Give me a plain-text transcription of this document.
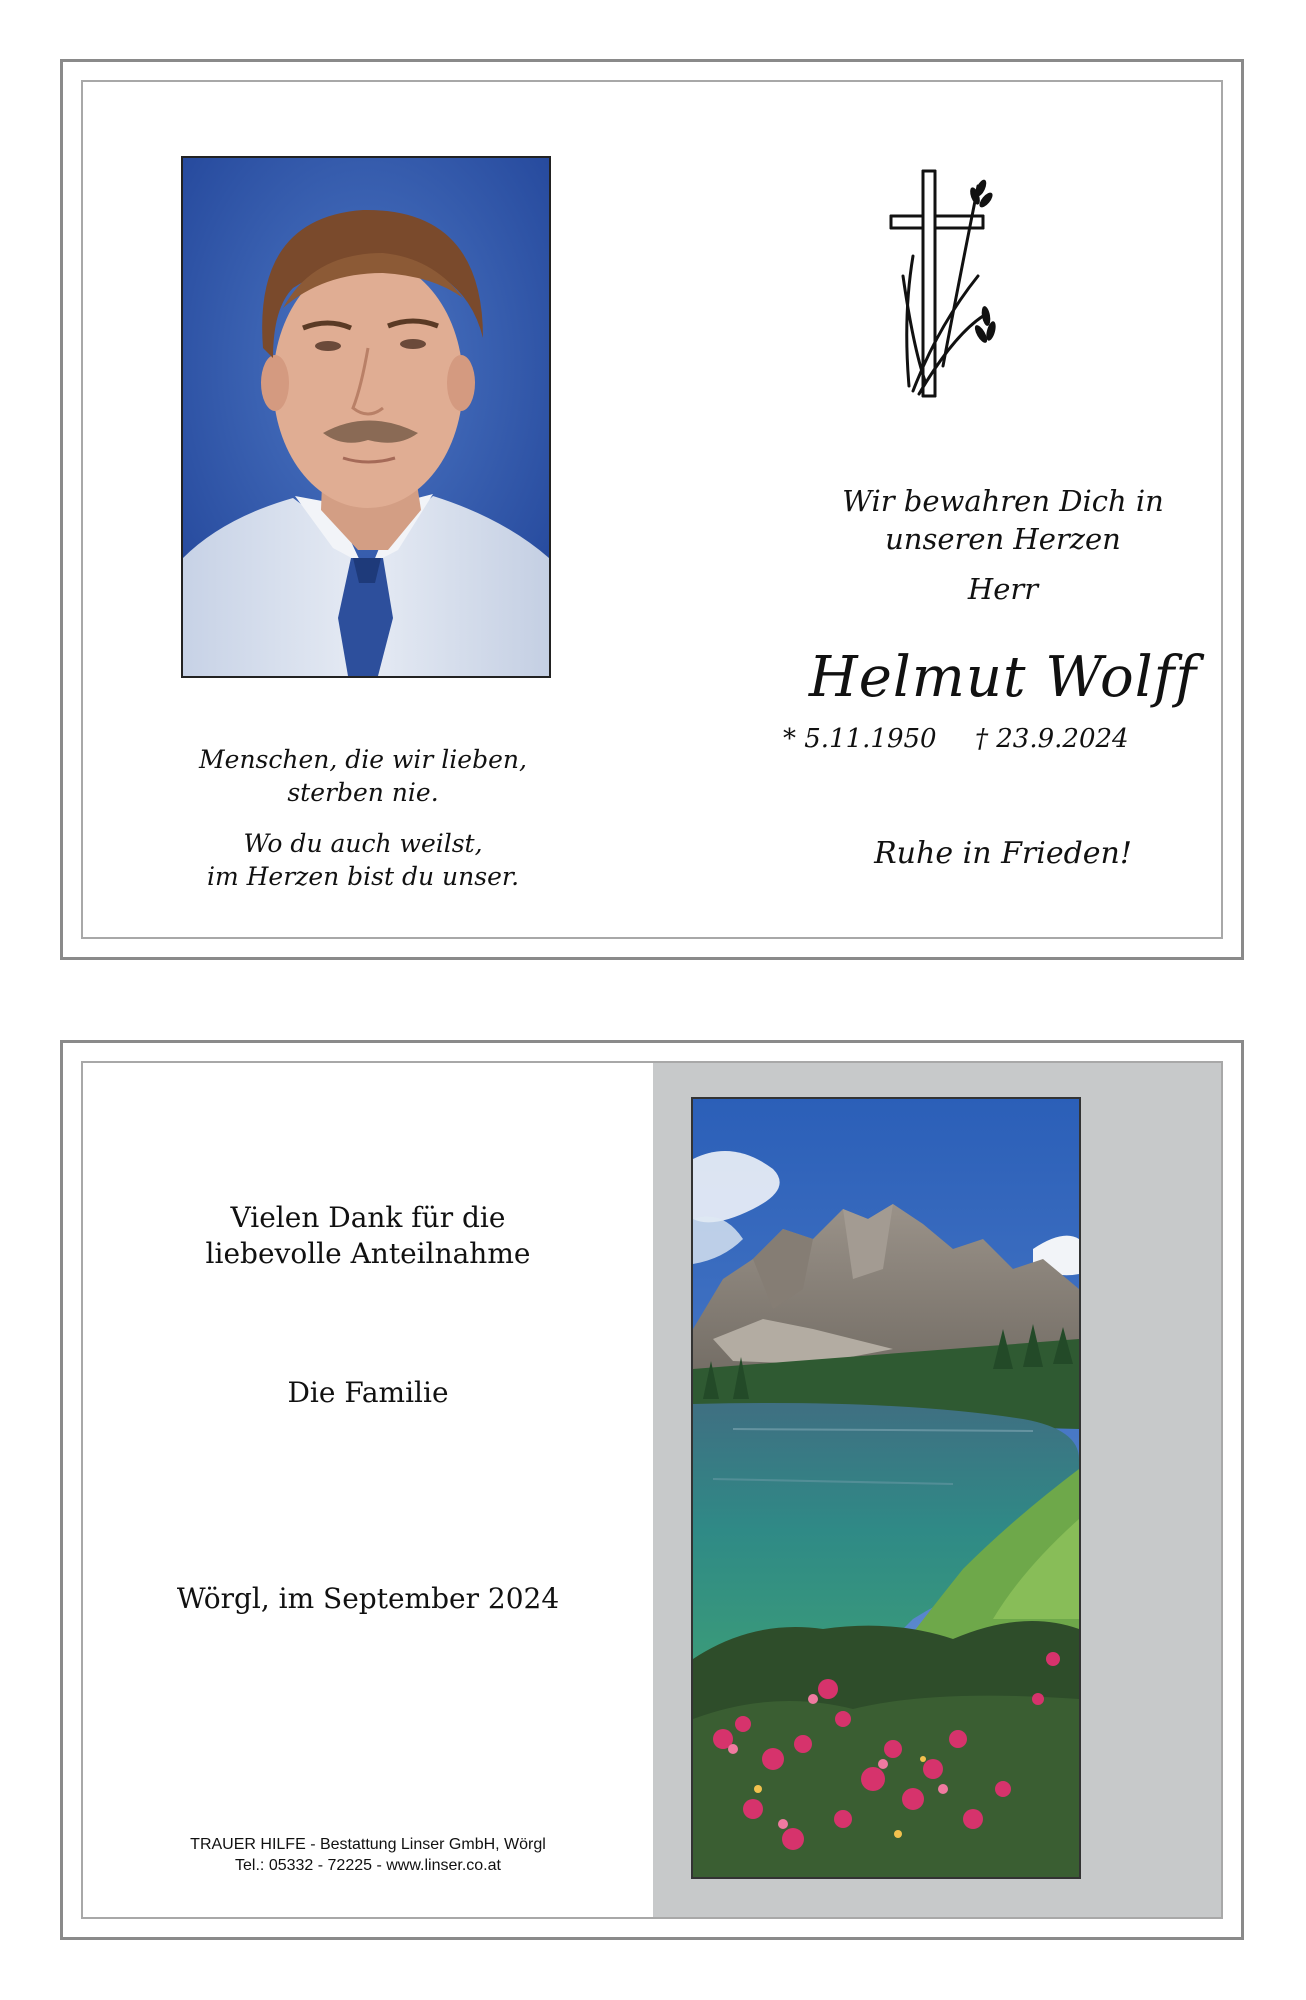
Menschen, die wir lieben,
sterben nie.
Wo du auch weilst,
im Herzen bist du unser.
Wir bewahren Dich in
unseren Herzen
Herr
Helmut Wolff
* 5.11.1950 † 23.9.2024
Ruhe in Frieden!
Vielen Dank für die
liebevolle Anteilnahme
Die Familie
Wörgl, im September 2024
TRAUER HILFE - Bestattung Linser GmbH, Wörgl
Tel.: 05332 - 72225 - www.linser.co.at
